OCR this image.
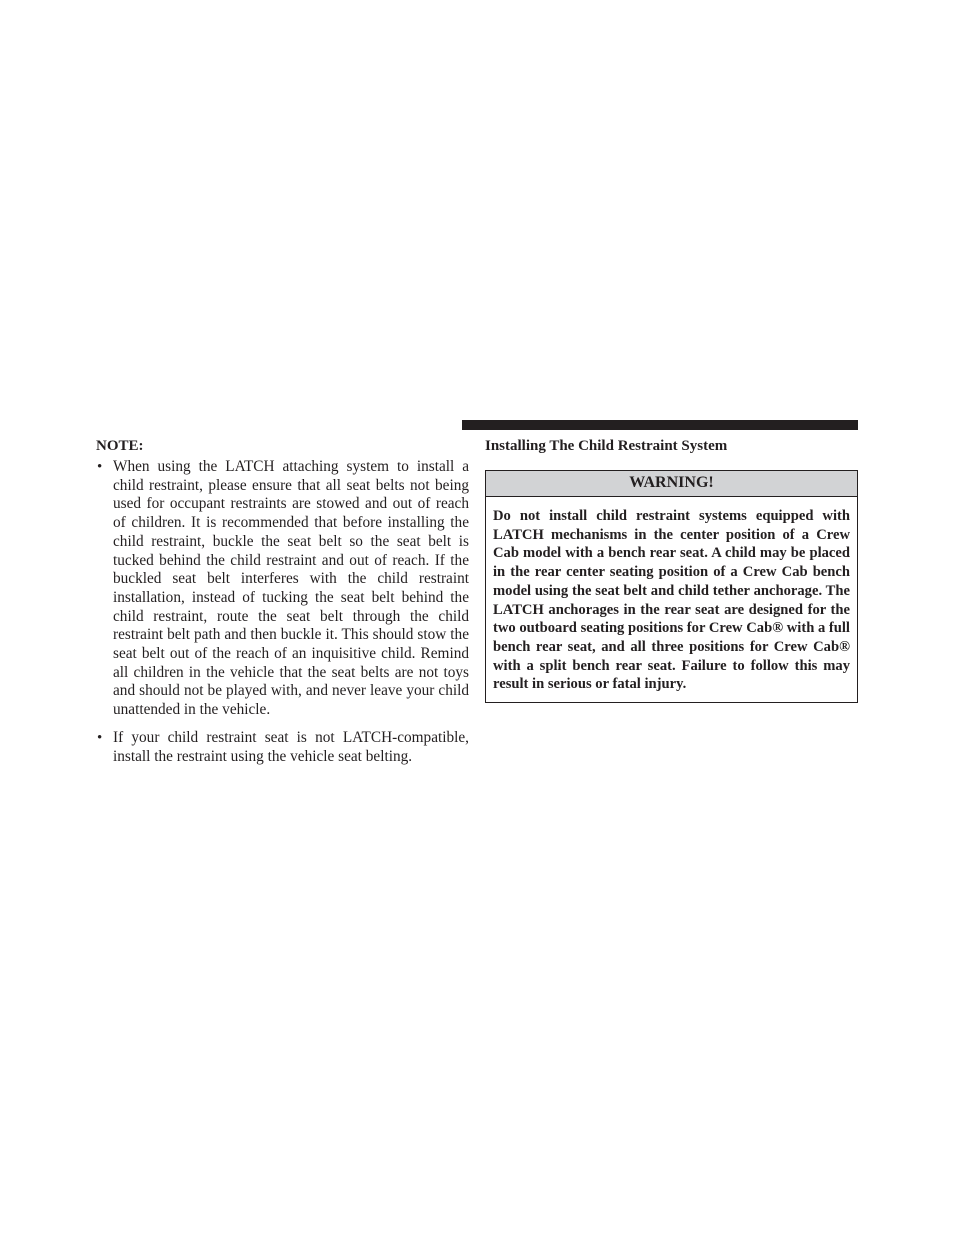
NOTE:
• When using the LATCH attaching system to install a child restraint, please ensure that all seat belts not being used for occupant restraints are stowed and out of reach of children. It is recommended that before installing the child restraint, buckle the seat belt so the seat belt is tucked behind the child restraint and out of reach. If the buckled seat belt interferes with the child restraint installation, instead of tucking the seat belt behind the child restraint, route the seat belt through the child restraint belt path and then buckle it. This should stow the seat belt out of the reach of an inquisitive child. Remind all children in the vehicle that the seat belts are not toys and should not be played with, and never leave your child unattended in the vehicle.
• If your child restraint seat is not LATCH-compatible, install the restraint using the vehicle seat belting.
Installing The Child Restraint System
WARNING!
Do not install child restraint systems equipped with LATCH mechanisms in the center position of a Crew Cab model with a bench rear seat. A child may be placed in the rear center seating position of a Crew Cab bench model using the seat belt and child tether anchorage. The LATCH anchorages in the rear seat are designed for the two outboard seating positions for Crew Cab® with a full bench rear seat, and all three positions for Crew Cab® with a split bench rear seat. Failure to follow this may result in serious or fatal injury.
